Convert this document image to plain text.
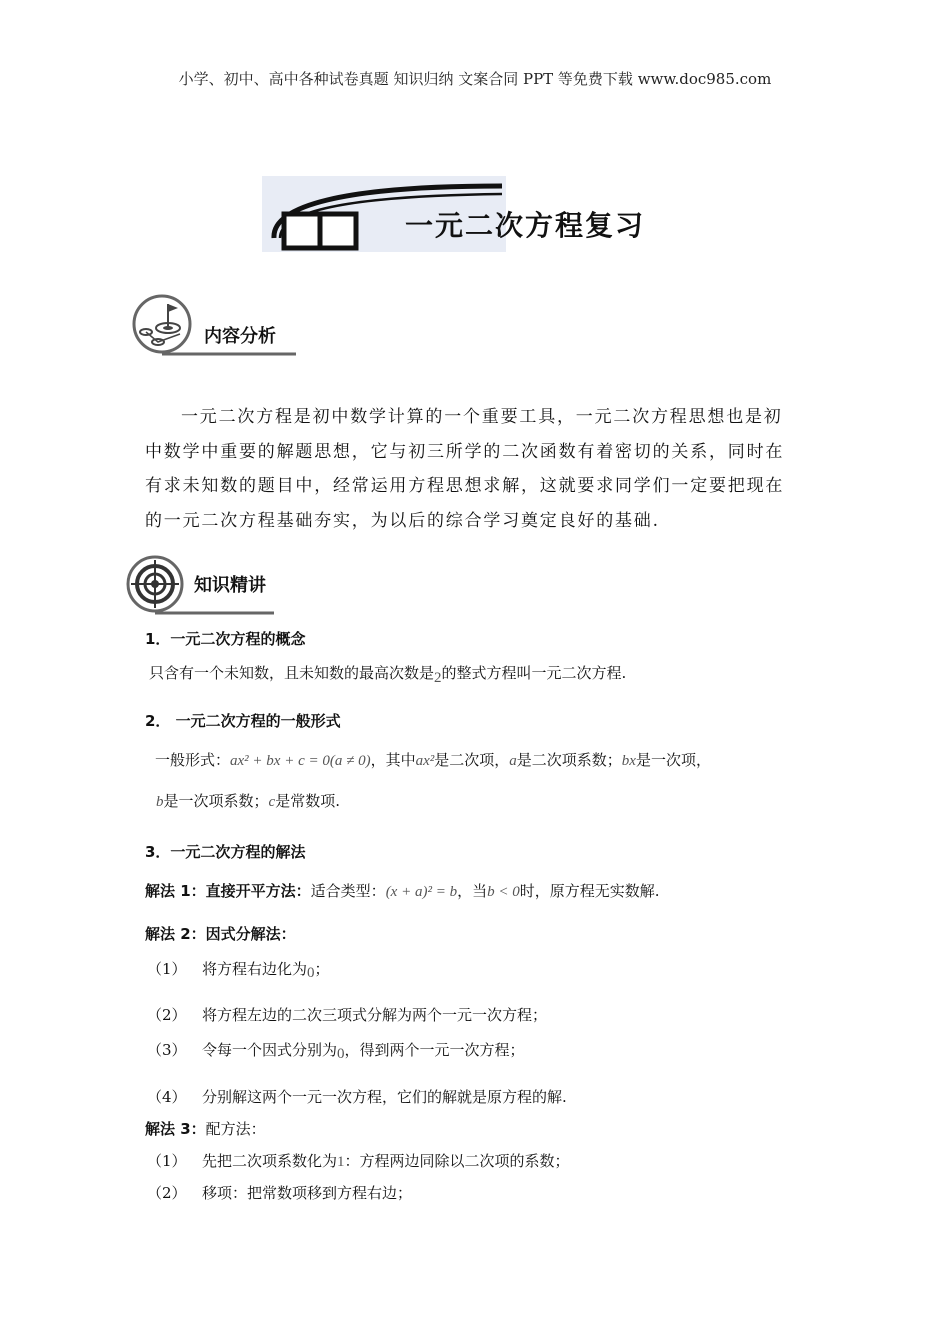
小学、初中、高中各种试卷真题 知识归纳 文案合同 PPT 等免费下载 www.doc985.com
一元二次方程复习
内容分析
一元二次方程是初中数学计算的一个重要工具，一元二次方程思想也是初
中数学中重要的解题思想，它与初三所学的二次函数有着密切的关系，同时在
有求未知数的题目中，经常运用方程思想求解，这就要求同学们一定要把现在
的一元二次方程基础夯实，为以后的综合学习奠定良好的基础.
知识精讲
1．一元二次方程的概念
只含有一个未知数，且未知数的最高次数是2的整式方程叫一元二次方程.
2． 一元二次方程的一般形式
一般形式：ax² + bx + c = 0(a ≠ 0)，其中ax²是二次项，a是二次项系数；bx是一次项，
b是一次项系数；c是常数项.
3．一元二次方程的解法
解法 1：直接开平方法：适合类型：(x + a)² = b，当b < 0时，原方程无实数解.
解法 2：因式分解法：
（1） 将方程右边化为0；
（2） 将方程左边的二次三项式分解为两个一元一次方程；
（3） 令每一个因式分别为0，得到两个一元一次方程；
（4） 分别解这两个一元一次方程，它们的解就是原方程的解.
解法 3：配方法：
（1） 先把二次项系数化为1：方程两边同除以二次项的系数；
（2） 移项：把常数项移到方程右边；
